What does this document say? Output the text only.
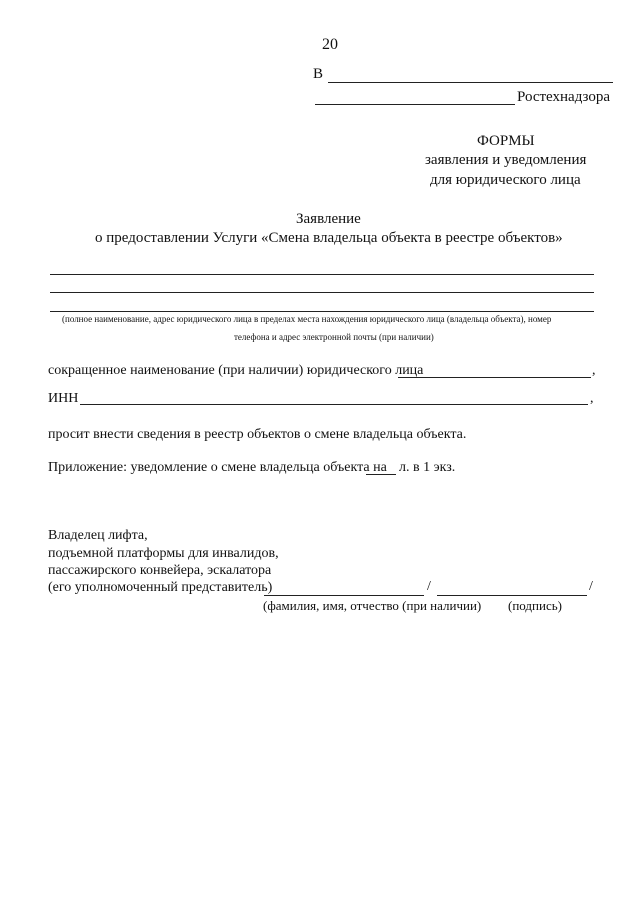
20
В
Ростехнадзора
ФОРМЫ
заявления и уведомления
для юридического лица
Заявление
о предоставлении Услуги «Смена владельца объекта в реестре объектов»
(полное наименование, адрес юридического лица в пределах места нахождения юридического лица (владельца объекта), номер
телефона и адрес электронной почты (при наличии)
сокращенное наименование (при наличии) юридического лица	,
ИНН	,
просит внести сведения в реестр объектов о смене владельца объекта.
Приложение: уведомление о смене владельца объекта на л. в 1 экз.
Владелец лифта,
подъемной платформы для инвалидов,
пассажирского конвейера, эскалатора
(его уполномоченный представитель)	/	/
(фамилия, имя, отчество (при наличии) (подпись)
